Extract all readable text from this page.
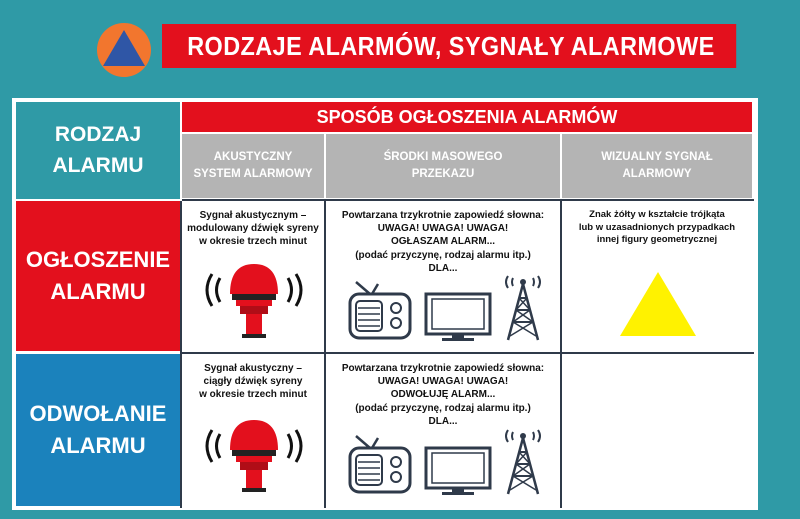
RODZAJE ALARMÓW, SYGNAŁY ALARMOWE
RODZAJ
ALARMU
SPOSÓB OGŁOSZENIA ALARMÓW
AKUSTYCZNY
SYSTEM ALARMOWY
ŚRODKI MASOWEGO
PRZEKAZU
WIZUALNY SYGNAŁ
ALARMOWY
OGŁOSZENIE
ALARMU
Sygnał akustycznym –
modulowany dźwięk syreny
w okresie trzech minut
Powtarzana trzykrotnie zapowiedź słowna:
UWAGA! UWAGA! UWAGA!
OGŁASZAM ALARM...
(podać przyczynę, rodzaj alarmu itp.)
DLA...
Znak żółty w kształcie trójkąta
lub w uzasadnionych przypadkach
innej figury geometrycznej
ODWOŁANIE
ALARMU
Sygnał akustyczny –
ciągły dźwięk syreny
w okresie trzech minut
Powtarzana trzykrotnie zapowiedź słowna:
UWAGA! UWAGA! UWAGA!
ODWOŁUJĘ ALARM...
(podać przyczynę, rodzaj alarmu itp.)
DLA...
